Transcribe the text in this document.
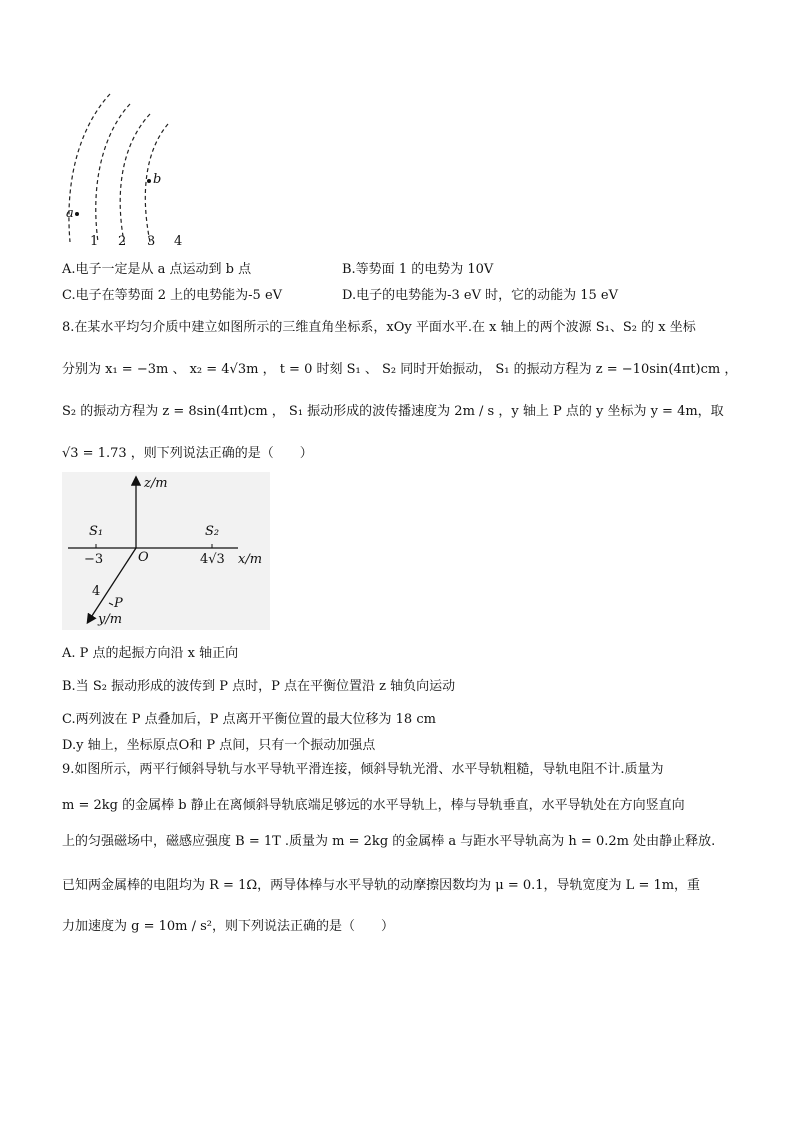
a
b
1 2 3 4
A.电子一定是从 a 点运动到 b 点	B.等势面 1 的电势为 10V
C.电子在等势面 2 上的电势能为-5 eV	D.电子的电势能为-3 eV 时，它的动能为 15 eV
8.在某水平均匀介质中建立如图所示的三维直角坐标系，xOy 平面水平.在 x 轴上的两个波源 S₁、S₂ 的 x 坐标
分别为 x₁ = −3m 、 x₂ = 4√3m ， t = 0 时刻 S₁ 、 S₂ 同时开始振动， S₁ 的振动方程为 z = −10sin(4πt)cm ，
S₂ 的振动方程为 z = 8sin(4πt)cm ， S₁ 振动形成的波传播速度为 2m / s ，y 轴上 P 点的 y 坐标为 y = 4m，取
√3 = 1.73 ，则下列说法正确的是（　　）
z/m
S₁	S₂
−3	O	4√3 x/m
4
P
y/m
A. P 点的起振方向沿 x 轴正向
B.当 S₂ 振动形成的波传到 P 点时，P 点在平衡位置沿 z 轴负向运动
C.两列波在 P 点叠加后，P 点离开平衡位置的最大位移为 18 cm
D.y 轴上，坐标原点O和 P 点间，只有一个振动加强点
9.如图所示，两平行倾斜导轨与水平导轨平滑连接，倾斜导轨光滑、水平导轨粗糙，导轨电阻不计.质量为
m = 2kg 的金属棒 b 静止在离倾斜导轨底端足够远的水平导轨上，棒与导轨垂直，水平导轨处在方向竖直向
上的匀强磁场中，磁感应强度 B = 1T .质量为 m = 2kg 的金属棒 a 与距水平导轨高为 h = 0.2m 处由静止释放.
已知两金属棒的电阻均为 R = 1Ω，两导体棒与水平导轨的动摩擦因数均为 μ = 0.1，导轨宽度为 L = 1m，重
力加速度为 g = 10m / s²，则下列说法正确的是（　　）
